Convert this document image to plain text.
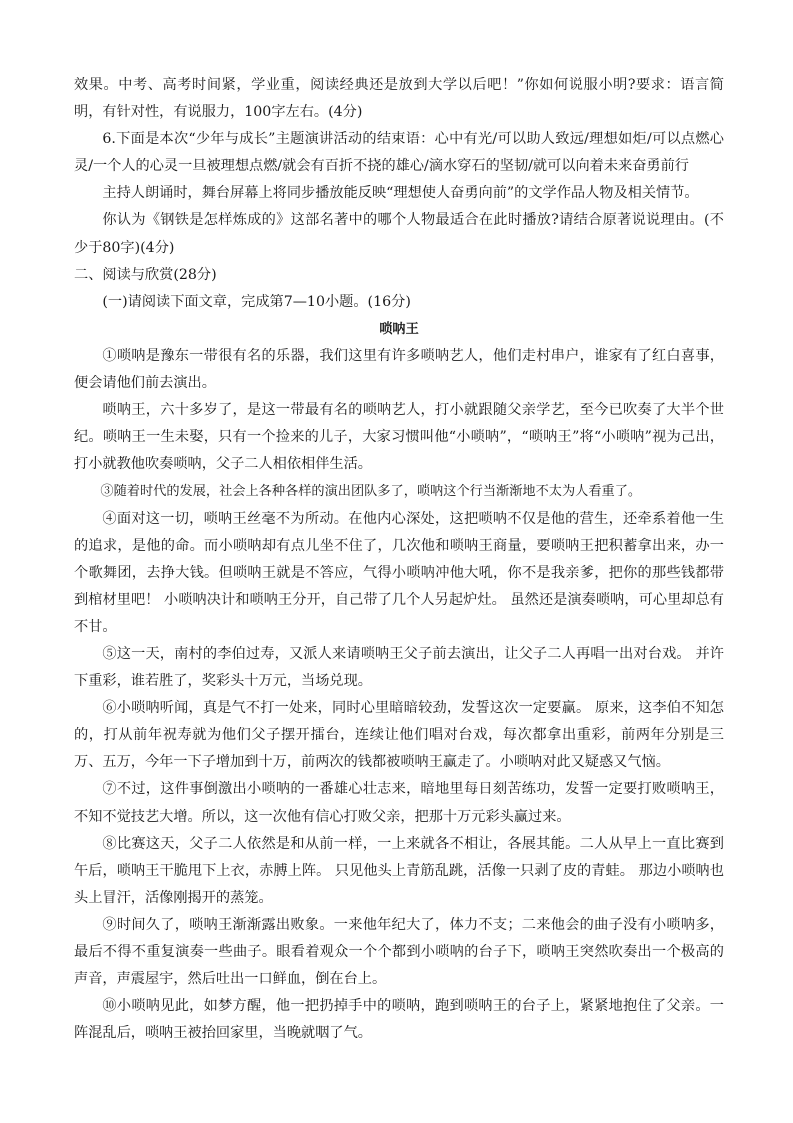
效果。中考、高考时间紧，学业重，阅读经典还是放到大学以后吧！”你如何说服小明?要求：语言简明，有针对性，有说服力，100字左右。(4分)

6.下面是本次“少年与成长”主题演讲活动的结束语：心中有光/可以助人致远/理想如炬/可以点燃心灵/一个人的心灵一旦被理想点燃/就会有百折不挠的雄心/滴水穿石的坚韧/就可以向着未来奋勇前行

主持人朗诵时，舞台屏幕上将同步播放能反映“理想使人奋勇向前”的文学作品人物及相关情节。

你认为《钢铁是怎样炼成的》这部名著中的哪个人物最适合在此时播放?请结合原著说说理由。(不少于80字)(4分)

二、阅读与欣赏(28分)

(一)请阅读下面文章，完成第7—10小题。(16分)

唢呐王

①唢呐是豫东一带很有名的乐器，我们这里有许多唢呐艺人，他们走村串户，谁家有了红白喜事，便会请他们前去演出。

唢呐王，六十多岁了，是这一带最有名的唢呐艺人，打小就跟随父亲学艺，至今已吹奏了大半个世纪。唢呐王一生未娶，只有一个捡来的儿子，大家习惯叫他“小唢呐”，“唢呐王”将“小唢呐”视为己出，打小就教他吹奏唢呐，父子二人相依相伴生活。

③随着时代的发展，社会上各种各样的演出团队多了，唢呐这个行当渐渐地不太为人看重了。

④面对这一切，唢呐王丝毫不为所动。在他内心深处，这把唢呐不仅是他的营生，还牵系着他一生的追求，是他的命。而小唢呐却有点儿坐不住了，几次他和唢呐王商量，要唢呐王把积蓄拿出来，办一个歌舞团，去挣大钱。但唢呐王就是不答应，气得小唢呐冲他大吼，你不是我亲爹，把你的那些钱都带到棺材里吧！ 小唢呐决计和唢呐王分开，自己带了几个人另起炉灶。 虽然还是演奏唢呐，可心里却总有不甘。

⑤这一天，南村的李伯过寿，又派人来请唢呐王父子前去演出，让父子二人再唱一出对台戏。 并许下重彩，谁若胜了，奖彩头十万元，当场兑现。

⑥小唢呐听闻，真是气不打一处来，同时心里暗暗较劲，发誓这次一定要赢。 原来，这李伯不知怎的，打从前年祝寿就为他们父子摆开擂台，连续让他们唱对台戏，每次都拿出重彩，前两年分别是三万、五万，今年一下子增加到十万，前两次的钱都被唢呐王赢走了。小唢呐对此又疑惑又气恼。

⑦不过，这件事倒激出小唢呐的一番雄心壮志来，暗地里每日刻苦练功，发誓一定要打败唢呐王，不知不觉技艺大增。所以，这一次他有信心打败父亲，把那十万元彩头赢过来。

⑧比赛这天，父子二人依然是和从前一样，一上来就各不相让，各展其能。二人从早上一直比赛到午后，唢呐王干脆甩下上衣，赤膊上阵。 只见他头上青筋乱跳，活像一只剥了皮的青蛙。 那边小唢呐也头上冒汗，活像刚揭开的蒸笼。

⑨时间久了，唢呐王渐渐露出败象。一来他年纪大了，体力不支；二来他会的曲子没有小唢呐多，最后不得不重复演奏一些曲子。眼看着观众一个个都到小唢呐的台子下，唢呐王突然吹奏出一个极高的声音，声震屋宇，然后吐出一口鲜血，倒在台上。

⑩小唢呐见此，如梦方醒，他一把扔掉手中的唢呐，跑到唢呐王的台子上，紧紧地抱住了父亲。一阵混乱后，唢呐王被抬回家里，当晚就咽了气。
